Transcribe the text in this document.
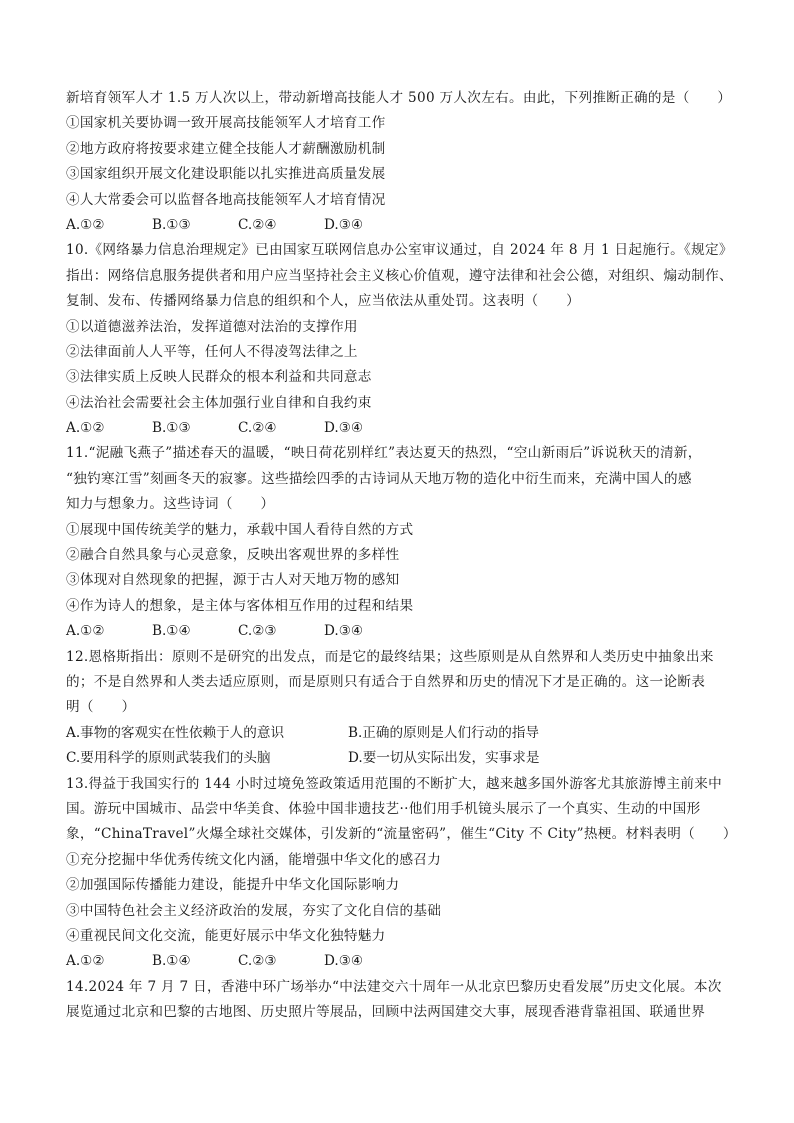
新培育领军人才 1.5 万人次以上，带动新增高技能人才 500 万人次左右。由此，下列推断正确的是（　　）
①国家机关要协调一致开展高技能领军人才培育工作
②地方政府将按要求建立健全技能人才薪酬激励机制
③国家组织开展文化建设职能以扎实推进高质量发展
④人大常委会可以监督各地高技能领军人才培育情况
A.①②	B.①③	C.②④	D.③④
10.《网络暴力信息治理规定》已由国家互联网信息办公室审议通过，自 2024 年 8 月 1 日起施行。《规定》
指出：网络信息服务提供者和用户应当坚持社会主义核心价值观，遵守法律和社会公德，对组织、煽动制作、
复制、发布、传播网络暴力信息的组织和个人，应当依法从重处罚。这表明（　　）
①以道德滋养法治，发挥道德对法治的支撑作用
②法律面前人人平等，任何人不得凌驾法律之上
③法律实质上反映人民群众的根本利益和共同意志
④法治社会需要社会主体加强行业自律和自我约束
A.①②	B.①③	C.②④	D.③④
11.“泥融飞燕子”描述春天的温暖，“映日荷花别样红”表达夏天的热烈，“空山新雨后”诉说秋天的清新，
“独钓寒江雪”刻画冬天的寂寥。这些描绘四季的古诗词从天地万物的造化中衍生而来，充满中国人的感
知力与想象力。这些诗词（　　）
①展现中国传统美学的魅力，承载中国人看待自然的方式
②融合自然具象与心灵意象，反映出客观世界的多样性
③体现对自然现象的把握，源于古人对天地万物的感知
④作为诗人的想象，是主体与客体相互作用的过程和结果
A.①②	B.①④	C.②③	D.③④
12.恩格斯指出：原则不是研究的出发点，而是它的最终结果；这些原则是从自然界和人类历史中抽象出来
的；不是自然界和人类去适应原则，而是原则只有适合于自然界和历史的情况下才是正确的。这一论断表
明（　　）
A.事物的客观实在性依赖于人的意识	B.正确的原则是人们行动的指导
C.要用科学的原则武装我们的头脑	D.要一切从实际出发，实事求是
13.得益于我国实行的 144 小时过境免签政策适用范围的不断扩大，越来越多国外游客尤其旅游博主前来中
国。游玩中国城市、品尝中华美食、体验中国非遗技艺··他们用手机镜头展示了一个真实、生动的中国形
象，“ChinaTravel”火爆全球社交媒体，引发新的“流量密码”，催生“City 不 City”热梗。材料表明（　　）
①充分挖掘中华优秀传统文化内涵，能增强中华文化的感召力
②加强国际传播能力建设，能提升中华文化国际影响力
③中国特色社会主义经济政治的发展，夯实了文化自信的基础
④重视民间文化交流，能更好展示中华文化独特魅力
A.①②	B.①④	C.②③	D.③④
14.2024 年 7 月 7 日，香港中环广场举办“中法建交六十周年一从北京巴黎历史看发展”历史文化展。本次
展览通过北京和巴黎的古地图、历史照片等展品，回顾中法两国建交大事，展现香港背靠祖国、联通世界
